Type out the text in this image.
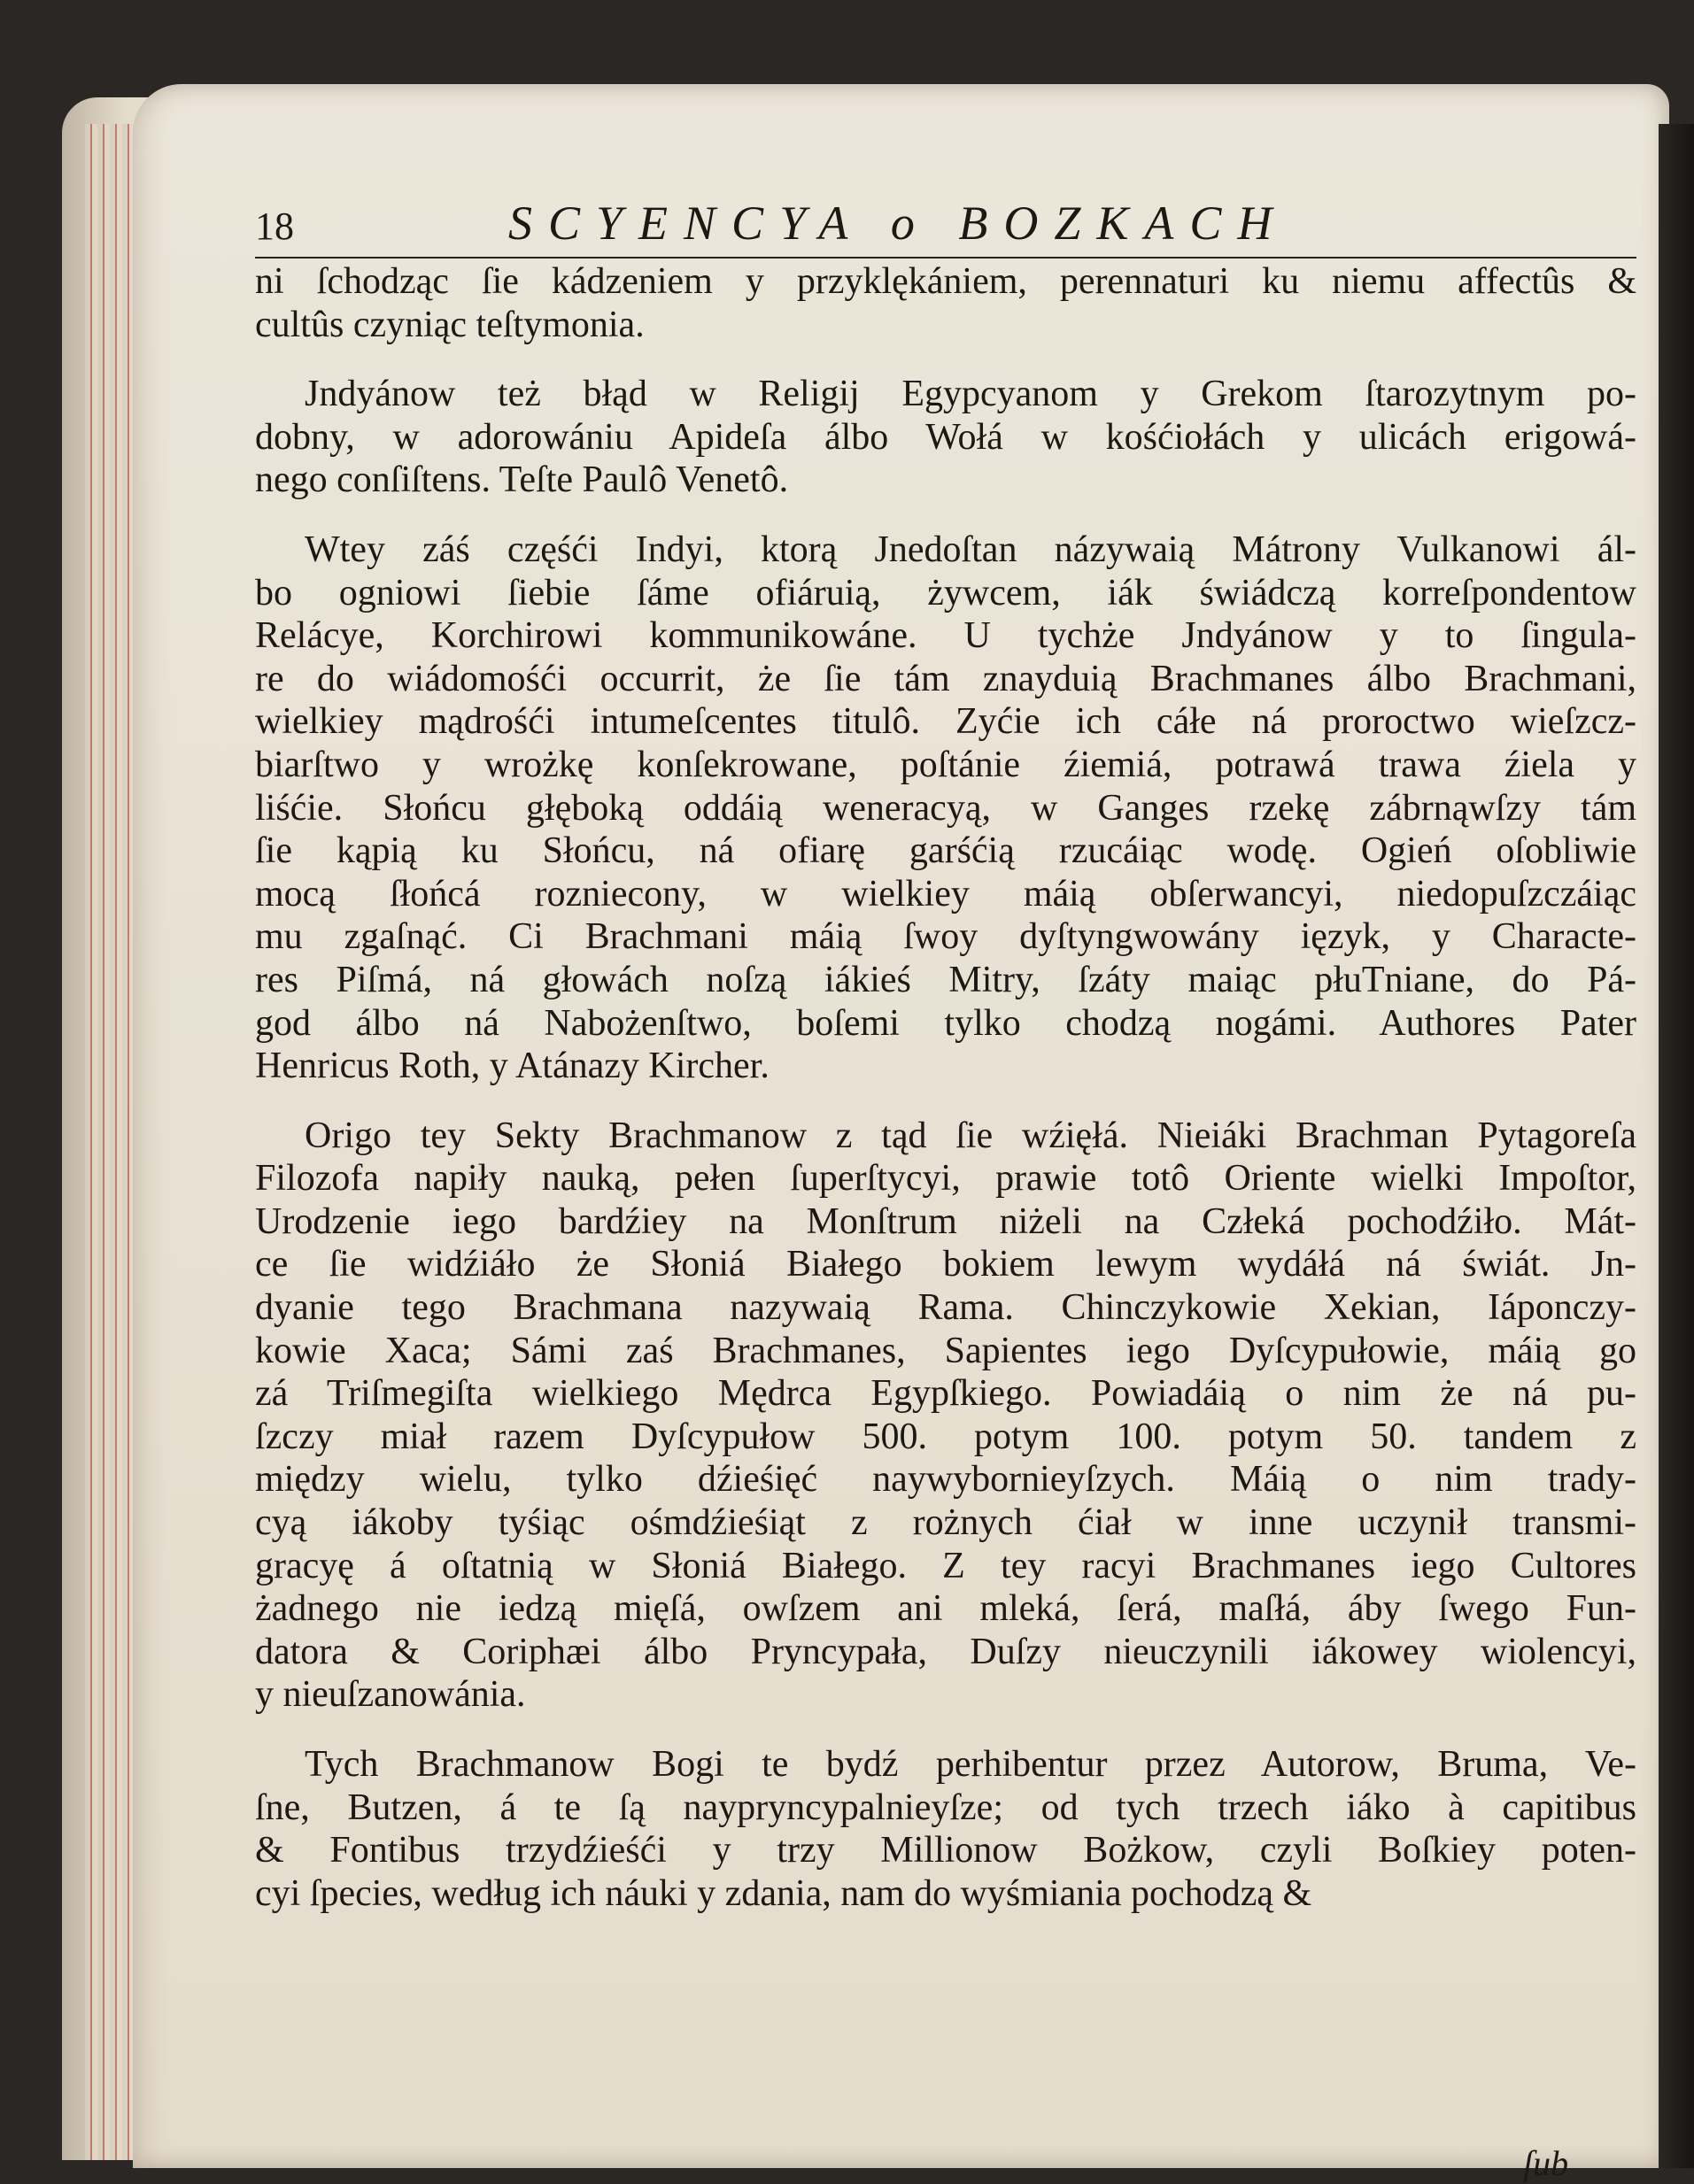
18	SCYENCYA o BOZKACH

ni ſchodząc ſie kádzeniem y przyklękániem, perennaturi ku niemu affectûs &
cultûs czyniąc teſtymonia.

Jndyánow też błąd w Religij Egypcyanom y Grekom ſtarozytnym po-
dobny, w adorowániu Apideſa álbo Wołá w kośćiołách y ulicách erigowá-
nego conſiſtens. Teſte Paulô Venetô.

Wtey záś częśći Indyi, ktorą Jnedoſtan názywaią Mátrony Vulkanowi ál-
bo ogniowi ſiebie ſáme ofiáruią, żywcem, iák świádczą korreſpondentow
Relácye, Korchirowi kommunikowáne. U tychże Jndyánow y to ſingula-
re do wiádomośći occurrit, że ſie tám znayduią Brachmanes álbo Brachmani,
wielkiey mądrośći intumeſcentes titulô. Zyćie ich cáłe ná proroctwo wieſzcz-
biarſtwo y wrożkę konſekrowane, poſtánie źiemiá, potrawá trawa źiela y
liśćie. Słońcu głęboką oddáią weneracyą, w Ganges rzekę zábrnąwſzy tám
ſie kąpią ku Słońcu, ná ofiarę garśćią rzucáiąc wodę. Ogień oſobliwie
mocą ſłońcá rozniecony, w wielkiey máią obſerwancyi, niedopuſzczáiąc
mu zgaſnąć. Ci Brachmani máią ſwoy dyſtyngwowány ięzyk, y Characte-
res Piſmá, ná głowách noſzą iákieś Mitry, ſzáty maiąc płuTniane, do Pá-
god álbo ná Nabożenſtwo, boſemi tylko chodzą nogámi. Authores Pater
Henricus Roth, y Atánazy Kircher.

Origo tey Sekty Brachmanow z tąd ſie wźięłá. Nieiáki Brachman Pytagoreſa
Filozofa napiły nauką, pełen ſuperſtycyi, prawie totô Oriente wielki Impoſtor,
Urodzenie iego bardźiey na Monſtrum niżeli na Człeká pochodźiło. Mát-
ce ſie widźiáło że Słoniá Białego bokiem lewym wydáłá ná świát. Jn-
dyanie tego Brachmana nazywaią Rama. Chinczykowie Xekian, Iáponczy-
kowie Xaca; Sámi zaś Brachmanes, Sapientes iego Dyſcypułowie, máią go
zá Triſmegiſta wielkiego Mędrca Egypſkiego. Powiadáią o nim że ná pu-
ſzczy miał razem Dyſcypułow 500. potym 100. potym 50. tandem z
między wielu, tylko dźieśięć naywybornieyſzych. Máią o nim trady-
cyą iákoby tyśiąc ośmdźieśiąt z rożnych ćiał w inne uczynił transmi-
gracyę á oſtatnią w Słoniá Białego. Z tey racyi Brachmanes iego Cultores
żadnego nie iedzą mięſá, owſzem ani mleká, ſerá, maſłá, áby ſwego Fun-
datora & Coriphæi álbo Pryncypała, Duſzy nieuczynili iákowey wiolencyi,
y nieuſzanowánia.

Tych Brachmanow Bogi te bydź perhibentur przez Autorow, Bruma, Ve-
ſne, Butzen, á te ſą naypryncypalnieyſze; od tych trzech iáko à capitibus
& Fontibus trzydźieśći y trzy Millionow Bożkow, czyli Boſkiey poten-
cyi ſpecies, według ich náuki y zdania, nam do wyśmiania pochodzą &

ſub
